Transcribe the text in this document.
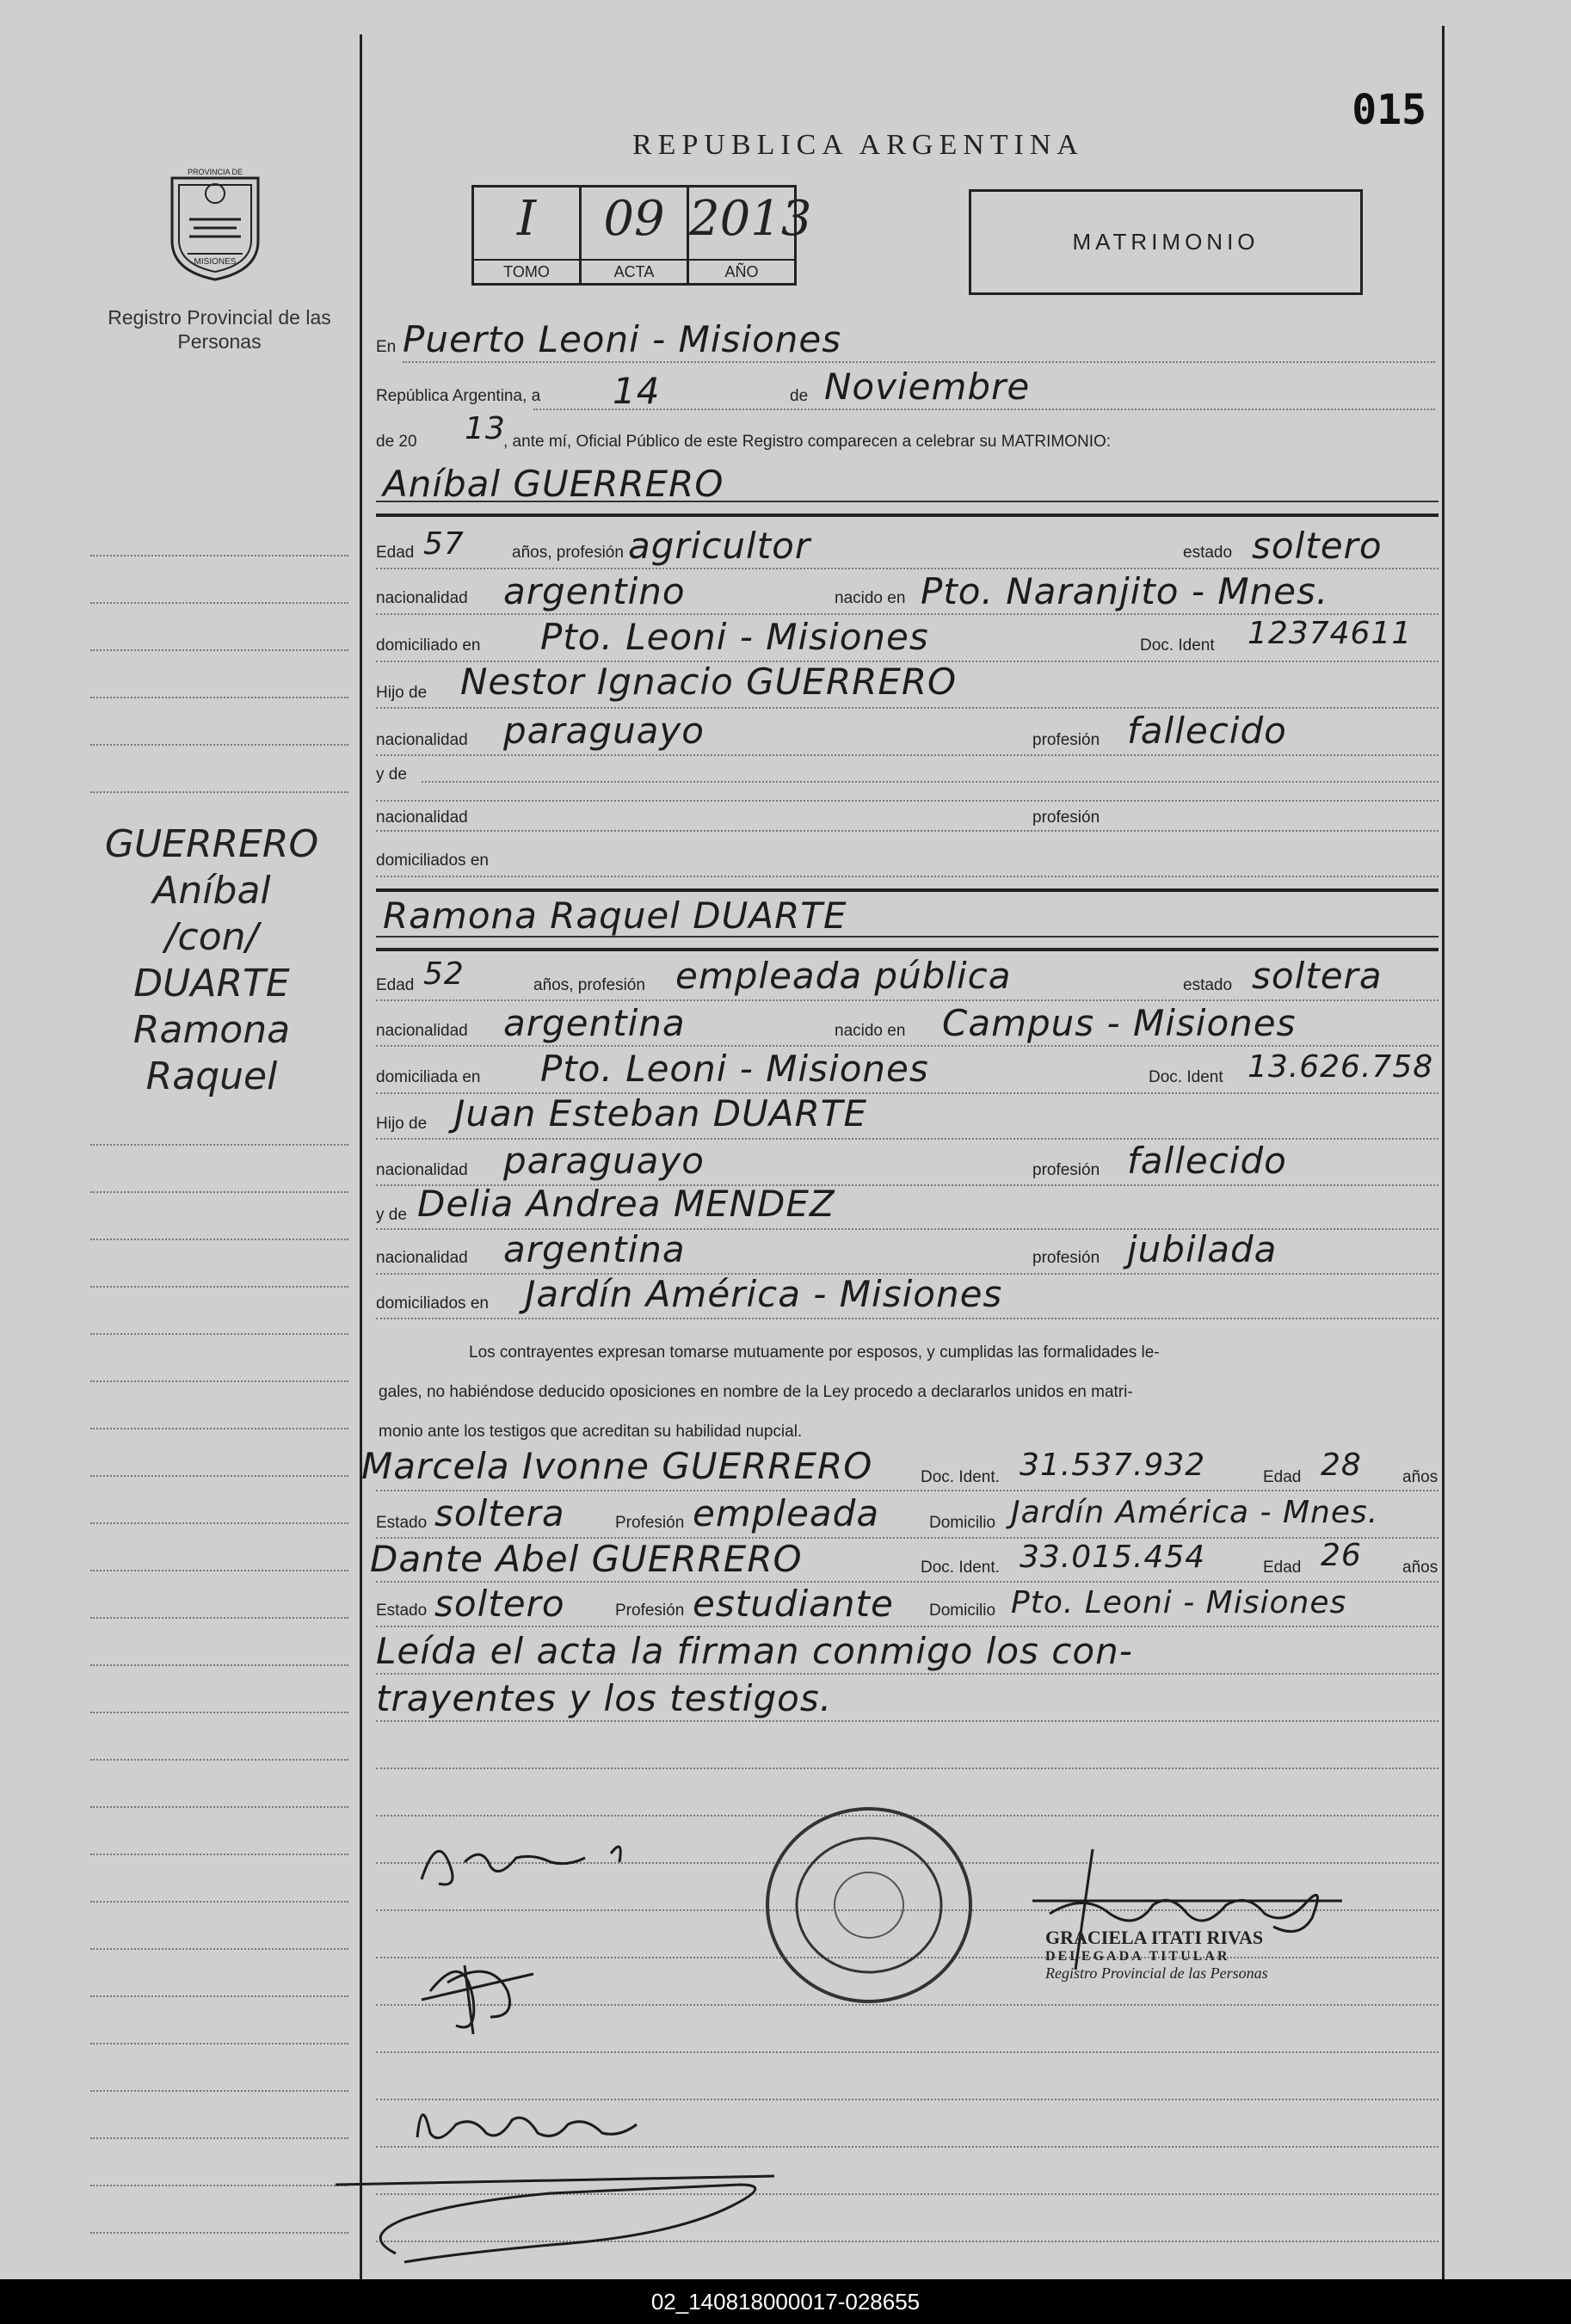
015
REPUBLICA ARGENTINA
PROVINCIA DE
MISIONES
Registro Provincial de las Personas
I
TOMO
09
ACTA
2013
AÑO
MATRIMONIO
En Puerto Leoni - Misiones
República Argentina, a 14	de Noviembre
de 20 13
, ante mí, Oficial Público de este Registro comparecen a celebrar su MATRIMONIO:
Aníbal GUERRERO
Edad 57	años, profesión agricultor	estado soltero
nacionalidad argentino	nacido en Pto. Naranjito - Mnes.
domiciliado en Pto. Leoni - Misiones	Doc. Ident 12374611
Hijo de Nestor Ignacio GUERRERO
nacionalidad paraguayo	profesión fallecido
y de
nacionalidad	profesión
domiciliados en
Ramona Raquel DUARTE
Edad 52	años, profesión empleada pública	estado soltera
nacionalidad argentina	nacido en Campus - Misiones
domiciliada en Pto. Leoni - Misiones	Doc. Ident 13.626.758
Hijo de Juan Esteban DUARTE
nacionalidad paraguayo	profesión fallecido
y de Delia Andrea MENDEZ
nacionalidad argentina	profesión jubilada
domiciliados en Jardín América - Misiones
Los contrayentes expresan tomarse mutuamente por esposos, y cumplidas las formalidades le-
gales, no habiéndose deducido oposiciones en nombre de la Ley procedo a declararlos unidos en matri-
monio ante los testigos que acreditan su habilidad nupcial.
Marcela Ivonne GUERRERO	Doc. Ident. 31.537.932	Edad 28 años
Estado soltera	Profesión empleada	Domicilio Jardín América - Mnes.
Dante Abel GUERRERO	Doc. Ident. 33.015.454	Edad 26 años
Estado soltero	Profesión estudiante Domicilio Pto. Leoni - Misiones
Leída el acta la firman conmigo los con-
trayentes y los testigos.
GUERRERO
Aníbal
/con/
DUARTE
Ramona
Raquel
GRACIELA ITATI RIVAS
DELEGADA TITULAR
Registro Provincial de las Personas
02_140818000017-028655
